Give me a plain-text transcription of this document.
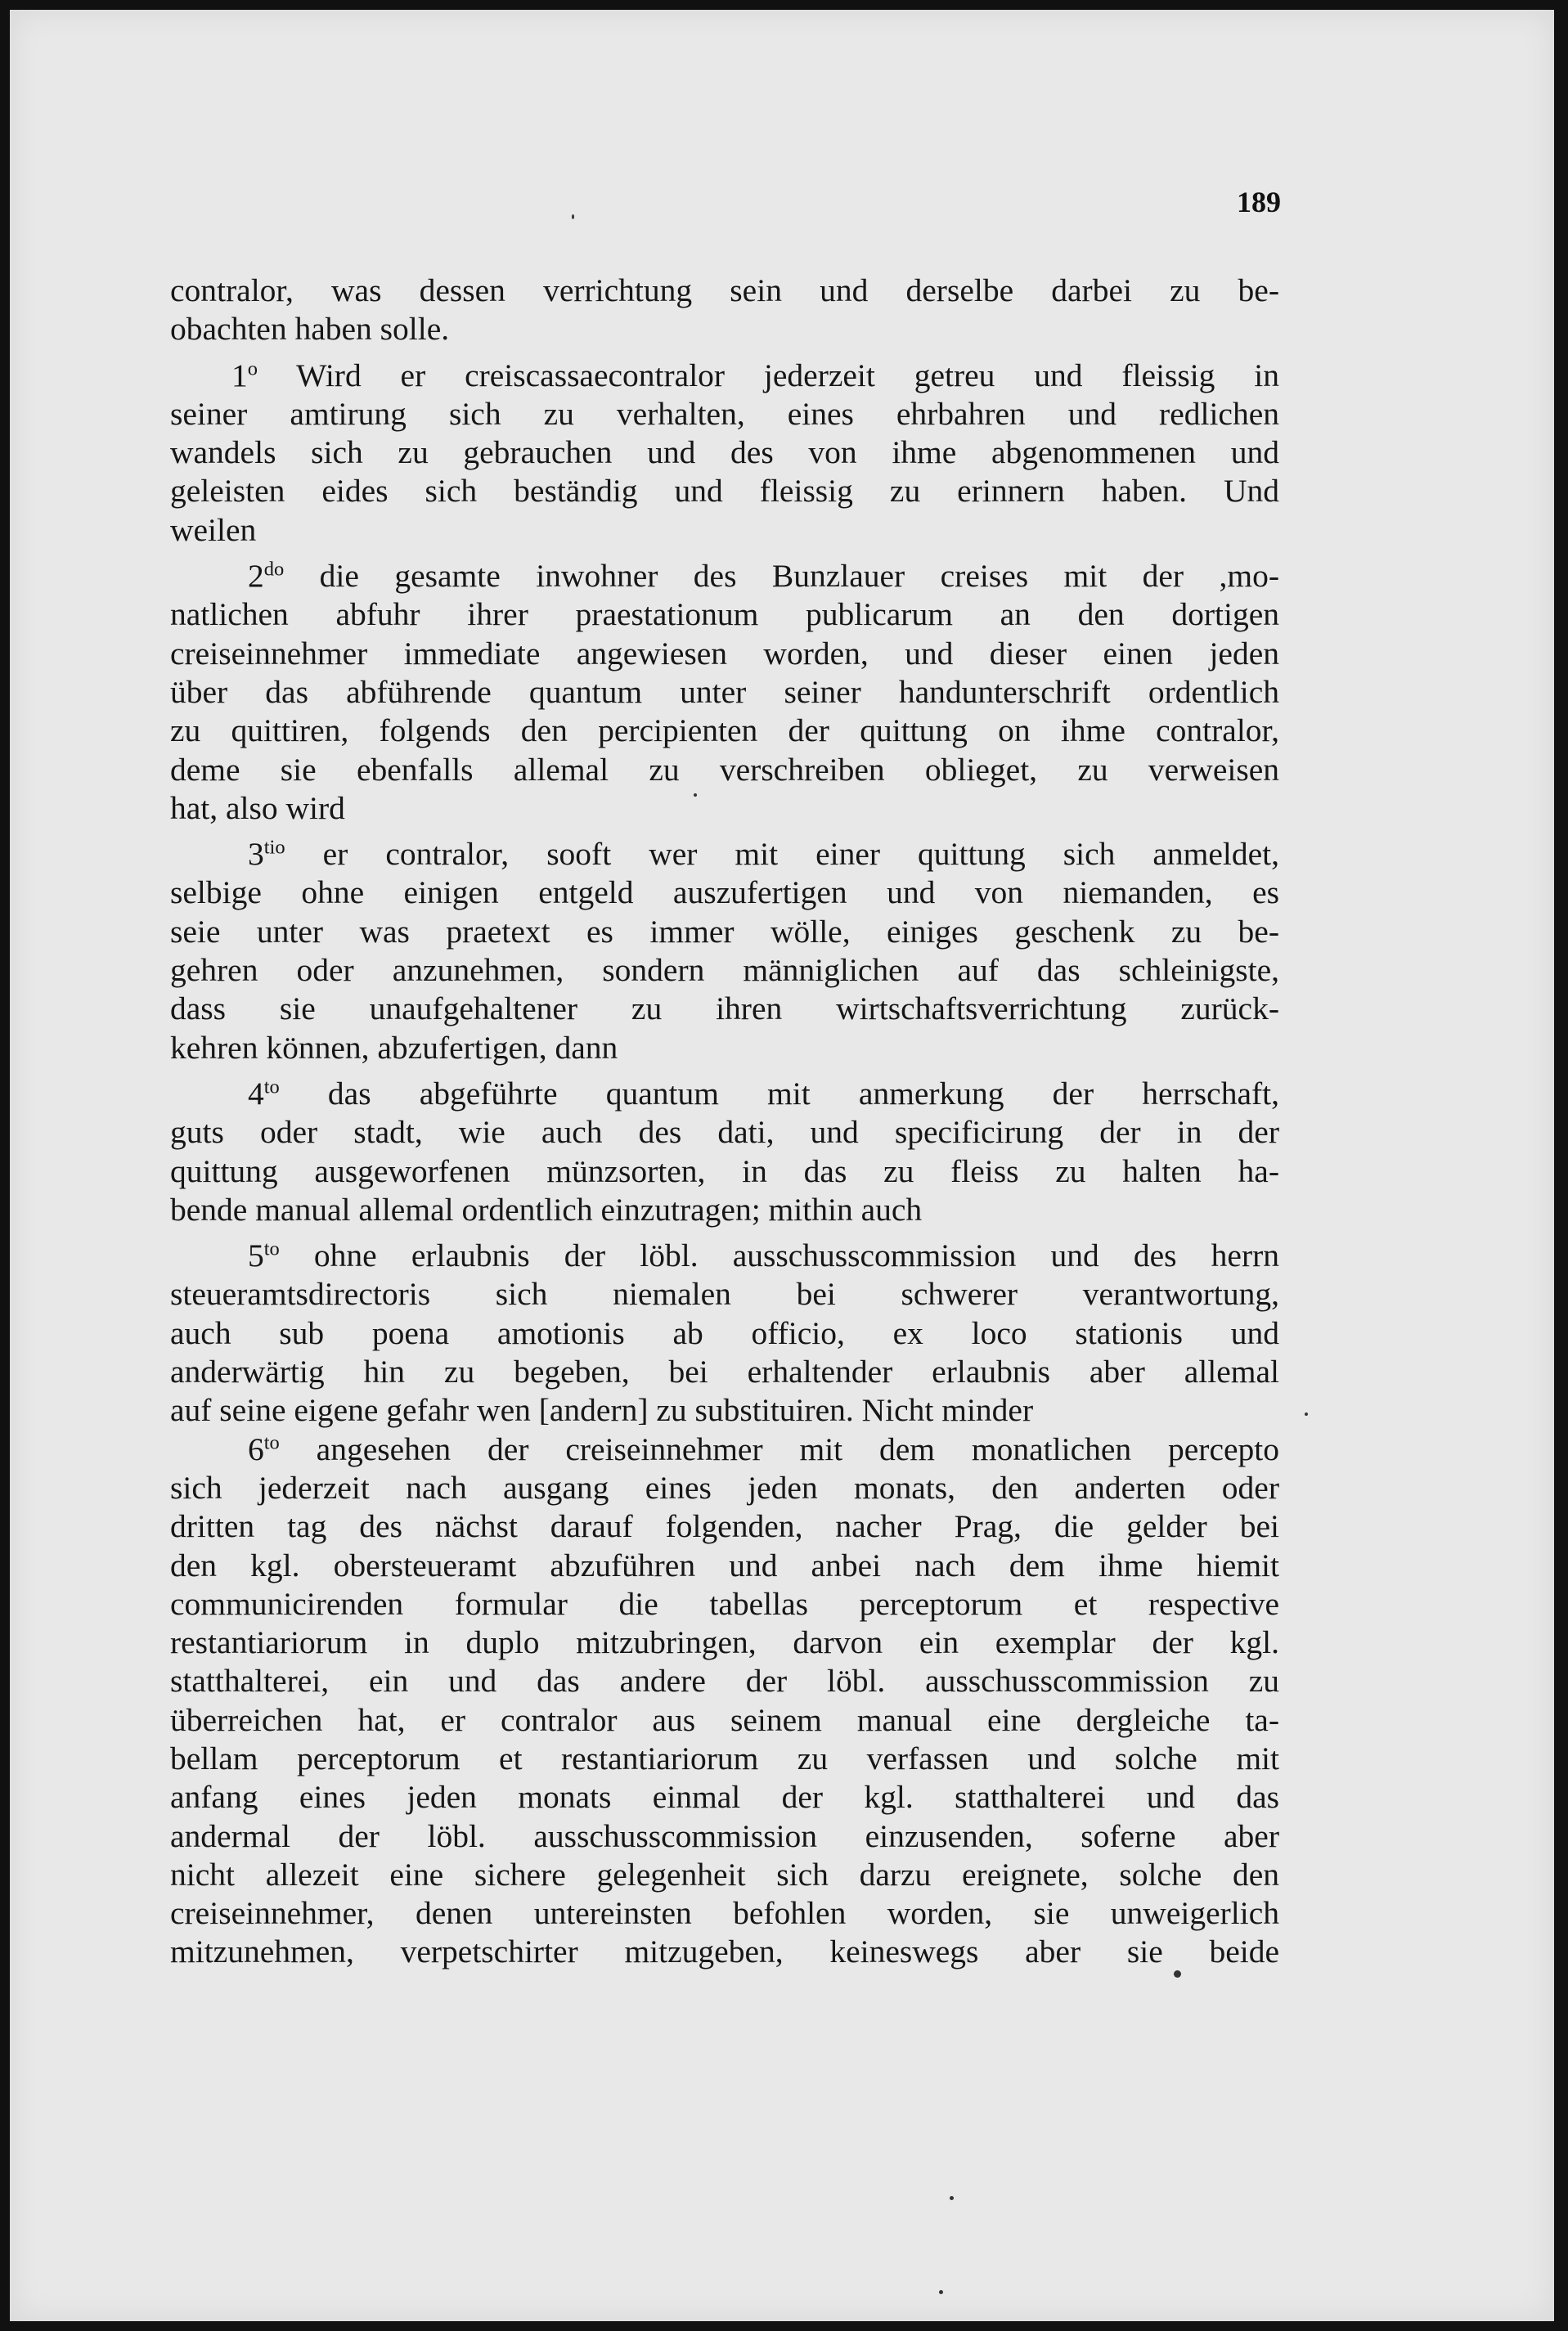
189
contralor, was dessen verrichtung sein und derselbe darbei zu be-
obachten haben solle.
1$^o$ Wird er creiscassaecontralor jederzeit getreu und fleissig in
seiner amtirung sich zu verhalten, eines ehrbahren und redlichen
wandels sich zu gebrauchen und des von ihme abgenommenen und
geleisten eides sich beständig und fleissig zu erinnern haben. Und
weilen
$2^{do}$ die gesamte inwohner des Bunzlauer creises mit der ,mo-
natlichen abfuhr ihrer praestationum publicarum an den dortigen
creiseinnehmer immediate angewiesen worden, und dieser einen jeden
über das abführende quantum unter seiner handunterschrift ordentlich
zu quittiren, folgends den percipienten der quittung on ihme contralor,
deme sie ebenfalls allemal zu verschreiben oblieget, zu verweisen
hat, also wird
$3^{tio}$ er contralor, sooft wer mit einer quittung sich anmeldet,
selbige ohne einigen entgeld auszufertigen und von niemanden, es
seie unter was praetext es immer wölle, einiges geschenk zu be-
gehren oder anzunehmen, sondern männiglichen auf das schleinigste,
dass sie unaufgehaltener zu ihren wirtschaftsverrichtung zurück-
kehren können, abzufertigen, dann
$4^{to}$ das abgeführte quantum mit anmerkung der herrschaft,
guts oder stadt, wie auch des dati, und specificirung der in der
quittung ausgeworfenen münzsorten, in das zu fleiss zu halten ha-
bende manual allemal ordentlich einzutragen; mithin auch
$5^{to}$ ohne erlaubnis der löbl. ausschusscommission und des herrn
steueramtsdirectoris sich niemalen bei schwerer verantwortung,
auch sub poena amotionis ab officio, ex loco stationis und
anderwärtig hin zu begeben, bei erhaltender erlaubnis aber allemal
auf seine eigene gefahr wen [andern] zu substituiren. Nicht minder
$6^{to}$ angesehen der creiseinnehmer mit dem monatlichen percepto
sich jederzeit nach ausgang eines jeden monats, den anderten oder
dritten tag des nächst darauf folgenden, nacher Prag, die gelder bei
den kgl. obersteueramt abzuführen und anbei nach dem ihme hiemit
communicirenden formular die tabellas perceptorum et respective
restantiariorum in duplo mitzubringen, darvon ein exemplar der kgl.
statthalterei, ein und das andere der löbl. ausschusscommission zu
überreichen hat, er contralor aus seinem manual eine dergleiche ta-
bellam perceptorum et restantiariorum zu verfassen und solche mit
anfang eines jeden monats einmal der kgl. statthalterei und das
andermal der löbl. ausschusscommission einzusenden, soferne aber
nicht allezeit eine sichere gelegenheit sich darzu ereignete, solche den
creiseinnehmer, denen untereinsten befohlen worden, sie unweigerlich
mitzunehmen, verpetschirter mitzugeben, keineswegs aber sie beide
